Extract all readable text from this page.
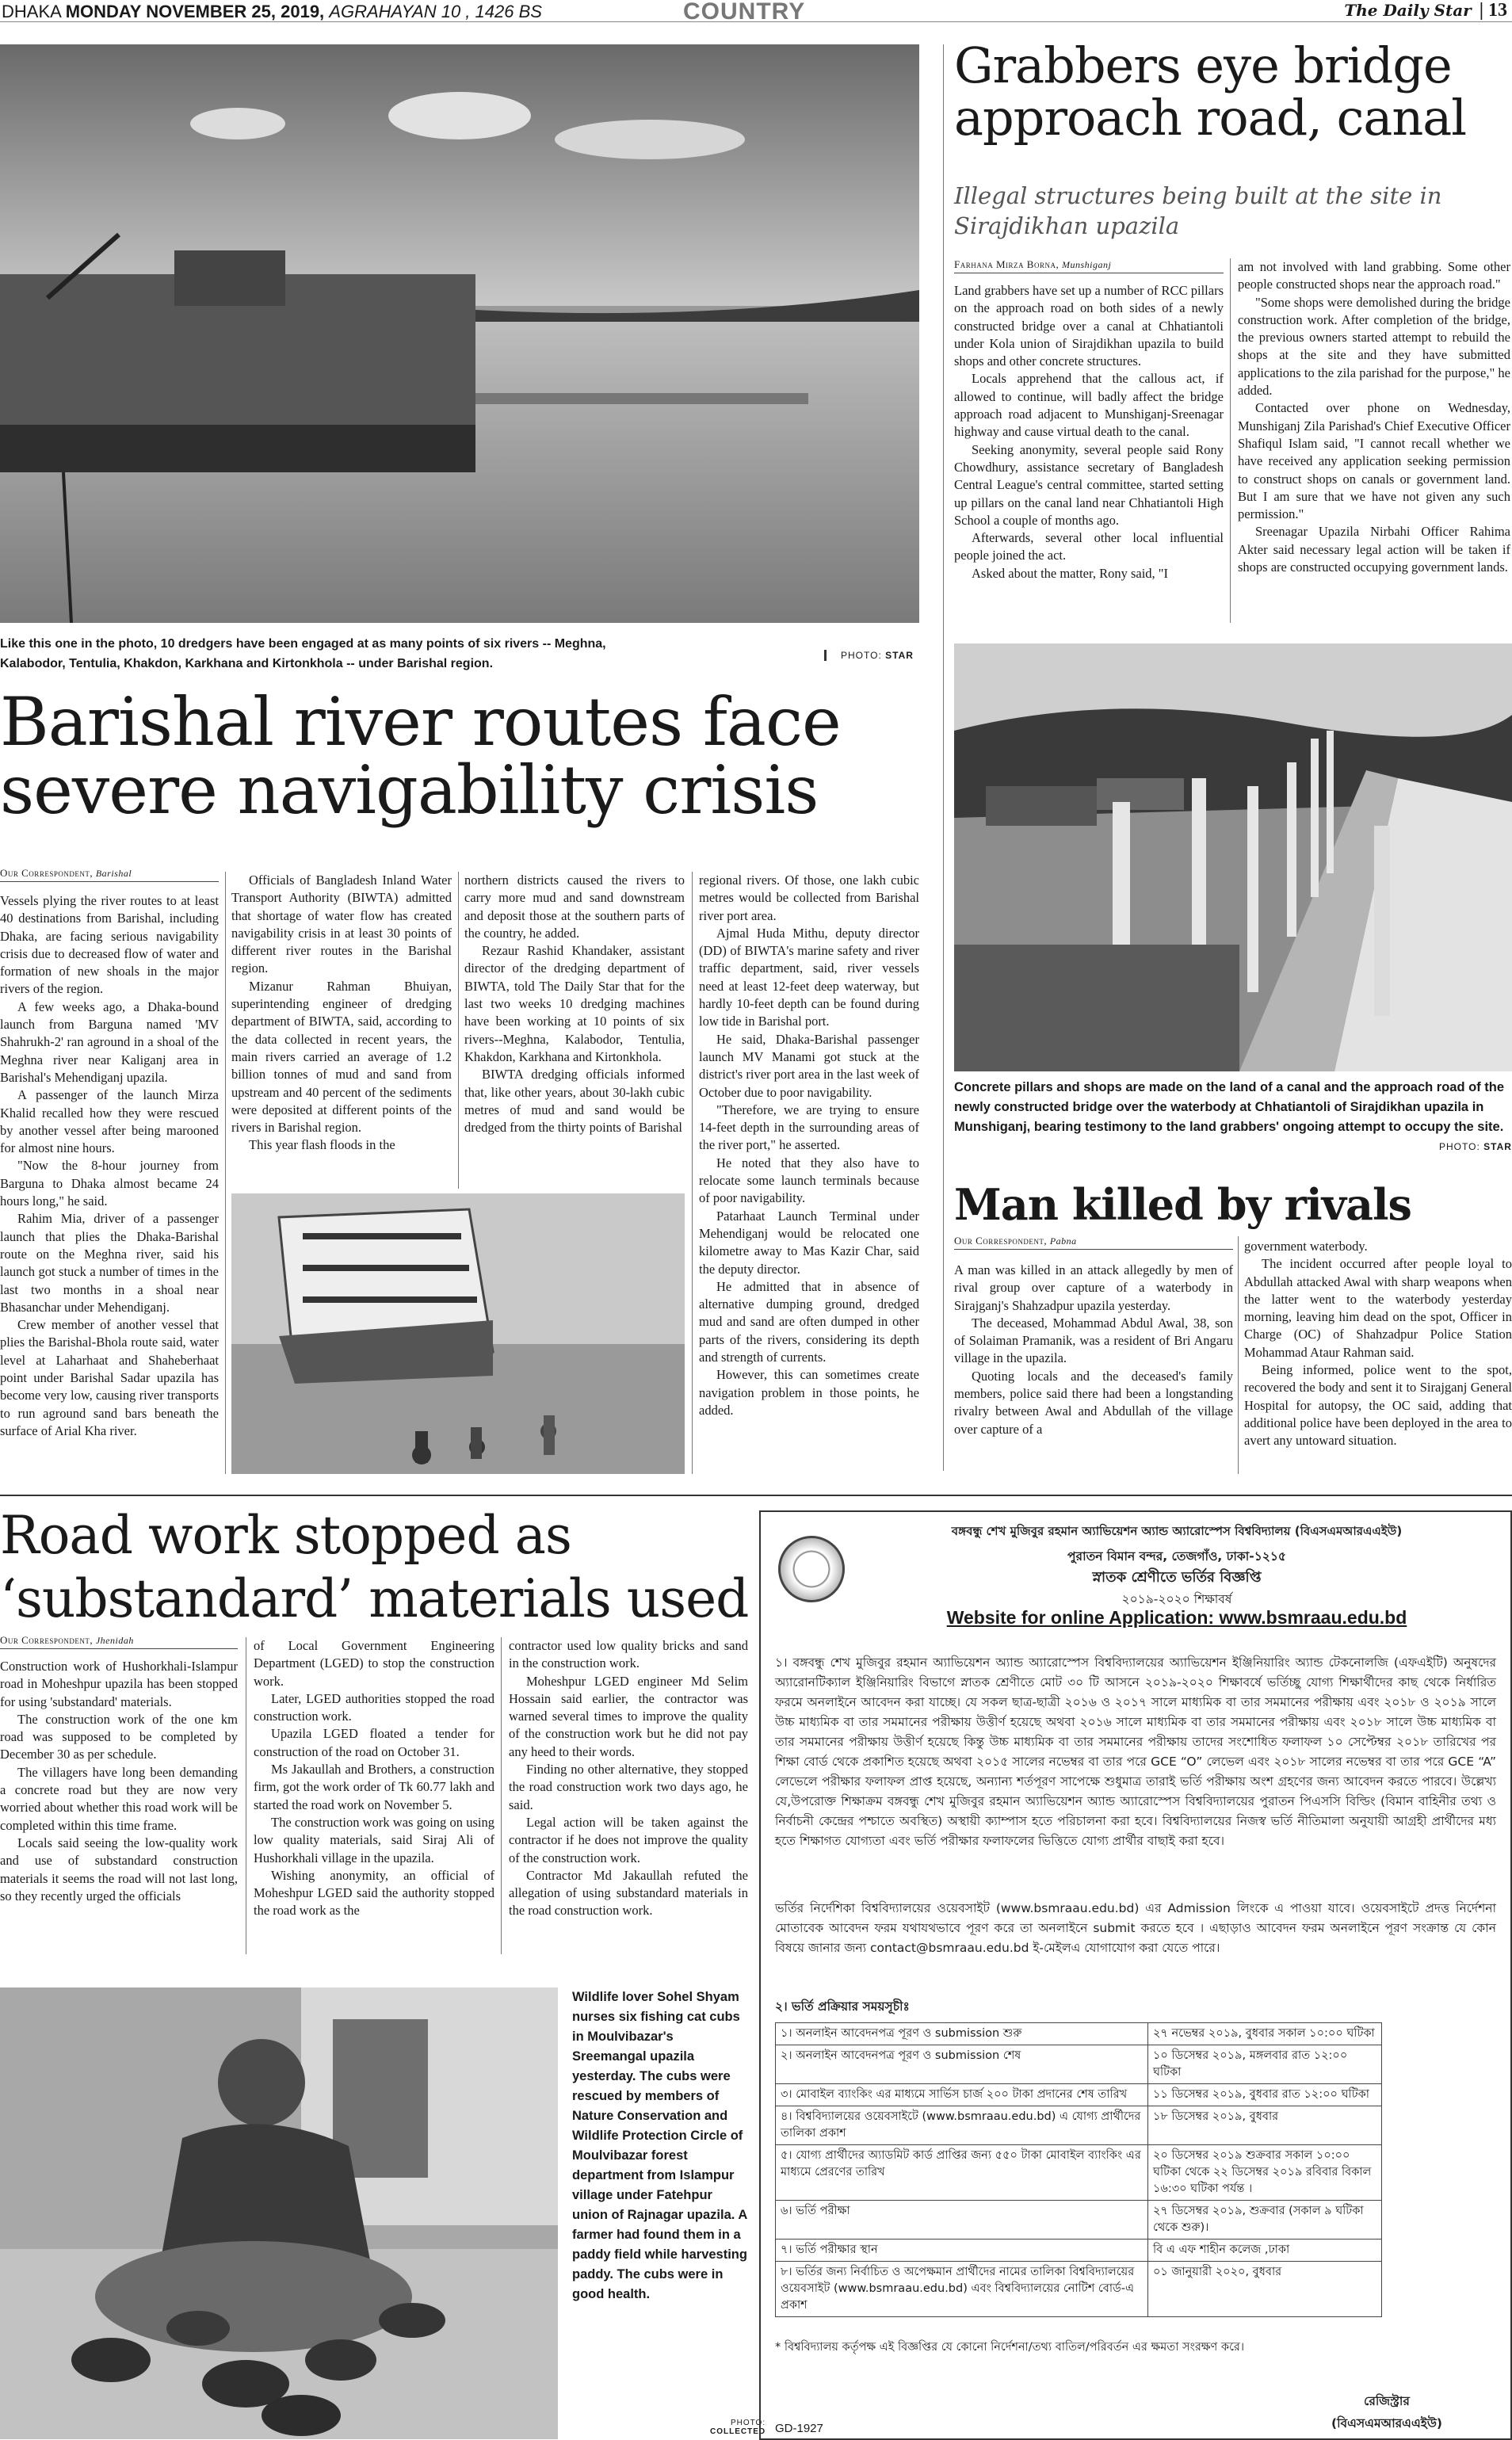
DHAKA MONDAY NOVEMBER 25, 2019, AGRAHAYAN 10 , 1426 BS	COUNTRY	The Daily Star | 13
Like this one in the photo, 10 dredgers have been engaged at as many points of six rivers -- Meghna, Kalabodor, Tentulia, Khakdon, Karkhana and Kirtonkhola -- under Barishal region.
PHOTO: STAR
Barishal river routes face severe navigability crisis
Our Correspondent, Barishal

Vessels plying the river routes to at least 40 destinations from Barishal, including Dhaka, are facing serious navigability crisis due to decreased flow of water and formation of new shoals in the major rivers of the region.

A few weeks ago, a Dhaka-bound launch from Barguna named 'MV Shahrukh-2' ran aground in a shoal of the Meghna river near Kaliganj area in Barishal's Mehendiganj upazila.

A passenger of the launch Mirza Khalid recalled how they were rescued by another vessel after being marooned for almost nine hours.

"Now the 8-hour journey from Barguna to Dhaka almost became 24 hours long," he said.

Rahim Mia, driver of a passenger launch that plies the Dhaka-Barishal route on the Meghna river, said his launch got stuck a number of times in the last two months in a shoal near Bhasanchar under Mehendiganj.

Crew member of another vessel that plies the Barishal-Bhola route said, water level at Laharhaat and Shaheberhaat point under Barishal Sadar upazila has become very low, causing river transports to run aground sand bars beneath the surface of Arial Kha river.

Officials of Bangladesh Inland Water Transport Authority (BIWTA) admitted that shortage of water flow has created navigability crisis in at least 30 points of different river routes in the Barishal region.

Mizanur Rahman Bhuiyan, superintending engineer of dredging department of BIWTA, said, according to the data collected in recent years, the main rivers carried an average of 1.2 billion tonnes of mud and sand from upstream and 40 percent of the sediments were deposited at different points of the rivers in Barishal region.

This year flash floods in the

northern districts caused the rivers to carry more mud and sand downstream and deposit those at the southern parts of the country, he added.

Rezaur Rashid Khandaker, assistant director of the dredging department of BIWTA, told The Daily Star that for the last two weeks 10 dredging machines have been working at 10 points of six rivers--Meghna, Kalabodor, Tentulia, Khakdon, Karkhana and Kirtonkhola.

BIWTA dredging officials informed that, like other years, about 30-lakh cubic metres of mud and sand would be dredged from the thirty points of Barishal

regional rivers. Of those, one lakh cubic metres would be collected from Barishal river port area.

Ajmal Huda Mithu, deputy director (DD) of BIWTA's marine safety and river traffic department, said, river vessels need at least 12-feet deep waterway, but hardly 10-feet depth can be found during low tide in Barishal port.

He said, Dhaka-Barishal passenger launch MV Manami got stuck at the district's river port area in the last week of October due to poor navigability.

"Therefore, we are trying to ensure 14-feet depth in the surrounding areas of the river port," he asserted.

He noted that they also have to relocate some launch terminals because of poor navigability.

Patarhaat Launch Terminal under Mehendiganj would be relocated one kilometre away to Mas Kazir Char, said the deputy director.

He admitted that in absence of alternative dumping ground, dredged mud and sand are often dumped in other parts of the rivers, considering its depth and strength of currents.

However, this can sometimes create navigation problem in those points, he added.

Grabbers eye bridge approach road, canal
Illegal structures being built at the site in Sirajdikhan upazila
Farhana Mirza Borna, Munshiganj

Land grabbers have set up a number of RCC pillars on the approach road on both sides of a newly constructed bridge over a canal at Chhatiantoli under Kola union of Sirajdikhan upazila to build shops and other concrete structures.

Locals apprehend that the callous act, if allowed to continue, will badly affect the bridge approach road adjacent to Munshiganj-Sreenagar highway and cause virtual death to the canal.

Seeking anonymity, several people said Rony Chowdhury, assistance secretary of Bangladesh Central League's central committee, started setting up pillars on the canal land near Chhatiantoli High School a couple of months ago.

Afterwards, several other local influential people joined the act.

Asked about the matter, Rony said, "I

am not involved with land grabbing. Some other people constructed shops near the approach road."

"Some shops were demolished during the bridge construction work. After completion of the bridge, the previous owners started attempt to rebuild the shops at the site and they have submitted applications to the zila parishad for the purpose," he added.

Contacted over phone on Wednesday, Munshiganj Zila Parishad's Chief Executive Officer Shafiqul Islam said, "I cannot recall whether we have received any application seeking permission to construct shops on canals or government land. But I am sure that we have not given any such permission."

Sreenagar Upazila Nirbahi Officer Rahima Akter said necessary legal action will be taken if shops are constructed occupying government lands.

Concrete pillars and shops are made on the land of a canal and the approach road of the newly constructed bridge over the waterbody at Chhatiantoli of Sirajdikhan upazila in Munshiganj, bearing testimony to the land grabbers' ongoing attempt to occupy the site.
PHOTO: STAR
Man killed by rivals
Our Correspondent, Pabna

A man was killed in an attack allegedly by men of rival group over capture of a waterbody in Sirajganj's Shahzadpur upazila yesterday.

The deceased, Mohammad Abdul Awal, 38, son of Solaiman Pramanik, was a resident of Bri Angaru village in the upazila.

Quoting locals and the deceased's family members, police said there had been a longstanding rivalry between Awal and Abdullah of the village over capture of a

government waterbody.

The incident occurred after people loyal to Abdullah attacked Awal with sharp weapons when the latter went to the waterbody yesterday morning, leaving him dead on the spot, Officer in Charge (OC) of Shahzadpur Police Station Mohammad Ataur Rahman said.

Being informed, police went to the spot, recovered the body and sent it to Sirajganj General Hospital for autopsy, the OC said, adding that additional police have been deployed in the area to avert any untoward situation.

Road work stopped as ‘substandard’ materials used
Our Correspondent, Jhenidah

Construction work of Hushorkhali-Islampur road in Moheshpur upazila has been stopped for using 'substandard' materials.

The construction work of the one km road was supposed to be completed by December 30 as per schedule.

The villagers have long been demanding a concrete road but they are now very worried about whether this road work will be completed within this time frame.

Locals said seeing the low-quality work and use of substandard construction materials it seems the road will not last long, so they recently urged the officials

of Local Government Engineering Department (LGED) to stop the construction work.

Later, LGED authorities stopped the road construction work.

Upazila LGED floated a tender for construction of the road on October 31.

Ms Jakaullah and Brothers, a construction firm, got the work order of Tk 60.77 lakh and started the road work on November 5.

The construction work was going on using low quality materials, said Siraj Ali of Hushorkhali village in the upazila.

Wishing anonymity, an official of Moheshpur LGED said the authority stopped the road work as the

contractor used low quality bricks and sand in the construction work.

Moheshpur LGED engineer Md Selim Hossain said earlier, the contractor was warned several times to improve the quality of the construction work but he did not pay any heed to their words.

Finding no other alternative, they stopped the road construction work two days ago, he said.

Legal action will be taken against the contractor if he does not improve the quality of the construction work.

Contractor Md Jakaullah refuted the allegation of using substandard materials in the road construction work.

Wildlife lover Sohel Shyam nurses six fishing cat cubs in Moulvibazar's Sreemangal upazila yesterday. The cubs were rescued by members of Nature Conservation and Wildlife Protection Circle of Moulvibazar forest department from Islampur village under Fatehpur union of Rajnagar upazila. A farmer had found them in a paddy field while harvesting paddy. The cubs were in good health.
PHOTO:
COLLECTED
বঙ্গবন্ধু শেখ মুজিবুর রহমান অ্যাভিয়েশন অ্যান্ড অ্যারোস্পেস বিশ্ববিদ্যালয় (বিএসএমআরএএইউ)
পুরাতন বিমান বন্দর, তেজগাঁও, ঢাকা-১২১৫
স্নাতক শ্রেণীতে ভর্তির বিজ্ঞপ্তি
২০১৯-২০২০ শিক্ষাবর্ষ
Website for online Application: www.bsmraau.edu.bd

১। বঙ্গবন্ধু শেখ মুজিবুর রহমান অ্যাভিয়েশন অ্যান্ড অ্যারোস্পেস বিশ্ববিদ্যালয়ের অ্যাভিয়েশন ইঞ্জিনিয়ারিং অ্যান্ড টেকনোলজি (এফএইটি) অনুষদের অ্যারোনটিক্যাল ইঞ্জিনিয়ারিং বিভাগে স্নাতক শ্রেণীতে মোট ৩০ টি আসনে ২০১৯-২০২০ শিক্ষাবর্ষে ভর্তিচ্ছু যোগ্য শিক্ষার্থীদের কাছ থেকে নির্ধারিত ফরমে অনলাইনে আবেদন করা যাচ্ছে। যে সকল ছাত্র-ছাত্রী ২০১৬ ও ২০১৭ সালে মাধ্যমিক বা তার সমমানের পরীক্ষায় এবং ২০১৮ ও ২০১৯ সালে উচ্চ মাধ্যমিক বা তার সমমানের পরীক্ষায় উত্তীর্ণ হয়েছে অথবা ২০১৬ সালে মাধ্যমিক বা তার সমমানের পরীক্ষায় এবং ২০১৮ সালে উচ্চ মাধ্যমিক বা তার সমমানের পরীক্ষায় উত্তীর্ণ হয়েছে কিন্তু উচ্চ মাধ্যমিক বা তার সমমানের পরীক্ষায় তাদের সংশোধিত ফলাফল ১০ সেপ্টেম্বর ২০১৮ তারিখের পর শিক্ষা বোর্ড থেকে প্রকাশিত হয়েছে অথবা ২০১৫ সালের নভেম্বর বা তার পরে GCE “O” লেভেল এবং ২০১৮ সালের নভেম্বর বা তার পরে GCE “A” লেভেলে পরীক্ষার ফলাফল প্রাপ্ত হয়েছে, অন্যান্য শর্তপূরণ সাপেক্ষে শুধুমাত্র তারাই ভর্তি পরীক্ষায় অংশ গ্রহণের জন্য আবেদন করতে পারবে। উল্লেখ্য যে,উপরোক্ত শিক্ষাক্রম বঙ্গবন্ধু শেখ মুজিবুর রহমান অ্যাভিয়েশন অ্যান্ড অ্যারোস্পেস বিশ্ববিদ্যালয়ের পুরাতন পিএসসি বিল্ডিং (বিমান বাহিনীর তথ্য ও নির্বাচনী কেন্দ্রের পশ্চাতে অবস্থিত) অস্থায়ী ক্যাম্পাস হতে পরিচালনা করা হবে। বিশ্ববিদ্যালয়ের নিজস্ব ভর্তি নীতিমালা অনুযায়ী আগ্রহী প্রার্থীদের মধ্য হতে শিক্ষাগত যোগ্যতা এবং ভর্তি পরীক্ষার ফলাফলের ভিত্তিতে যোগ্য প্রার্থীর বাছাই করা হবে।

ভর্তির নির্দেশিকা বিশ্ববিদ্যালয়ের ওয়েবসাইট (www.bsmraau.edu.bd) এর Admission লিংকে এ পাওয়া যাবে। ওয়েবসাইটে প্রদত্ত নির্দেশনা মোতাবেক আবেদন ফরম যথাযথভাবে পূরণ করে তা অনলাইনে submit করতে হবে । এছাড়াও আবেদন ফরম অনলাইনে পূরণ সংক্রান্ত যে কোন বিষয়ে জানার জন্য contact@bsmraau.edu.bd ই-মেইলএ যোগাযোগ করা যেতে পারে।

২। ভর্তি প্রক্রিয়ার সময়সূচীঃ
১। অনলাইন আবেদনপত্র পূরণ ও submission শুরু	২৭ নভেম্বর ২০১৯, বুধবার সকাল ১০:০০ ঘটিকা
২। অনলাইন আবেদনপত্র পূরণ ও submission শেষ	১০ ডিসেম্বর ২০১৯, মঙ্গলবার রাত ১২:০০ ঘটিকা
৩। মোবাইল ব্যাংকিং এর মাধ্যমে সার্ভিস চার্জ ২০০ টাকা প্রদানের শেষ তারিখ	১১ ডিসেম্বর ২০১৯, বুধবার রাত ১২:০০ ঘটিকা
৪। বিশ্ববিদ্যালয়ের ওয়েবসাইটে (www.bsmraau.edu.bd) এ যোগ্য প্রার্থীদের তালিকা প্রকাশ	১৮ ডিসেম্বর ২০১৯, বুধবার
৫। যোগ্য প্রার্থীদের অ্যাডমিট কার্ড প্রাপ্তির জন্য ৫৫০ টাকা মোবাইল ব্যাংকিং এর মাধ্যমে প্রেরণের তারিখ	২০ ডিসেম্বর ২০১৯ শুক্রবার সকাল ১০:০০ ঘটিকা থেকে ২২ ডিসেম্বর ২০১৯ রবিবার বিকাল ১৬:৩০ ঘটিকা পর্যন্ত ।
৬। ভর্তি পরীক্ষা	২৭ ডিসেম্বর ২০১৯, শুক্রবার (সকাল ৯ ঘটিকা থেকে শুরু)।
৭। ভর্তি পরীক্ষার স্থান	বি এ এফ শাহীন কলেজ ,ঢাকা
৮। ভর্তির জন্য নির্বাচিত ও অপেক্ষমান প্রার্থীদের নামের তালিকা বিশ্ববিদ্যালয়ের ওয়েবসাইট (www.bsmraau.edu.bd) এবং বিশ্ববিদ্যালয়ের নোটিশ বোর্ড-এ প্রকাশ	০১ জানুয়ারী ২০২০, বুধবার
* বিশ্ববিদ্যালয় কর্তৃপক্ষ এই বিজ্ঞপ্তির যে কোনো নির্দেশনা/তথ্য বাতিল/পরিবর্তন এর ক্ষমতা সংরক্ষণ করে।
রেজিস্ট্রার
(বিএসএমআরএএইউ)
GD-1927
